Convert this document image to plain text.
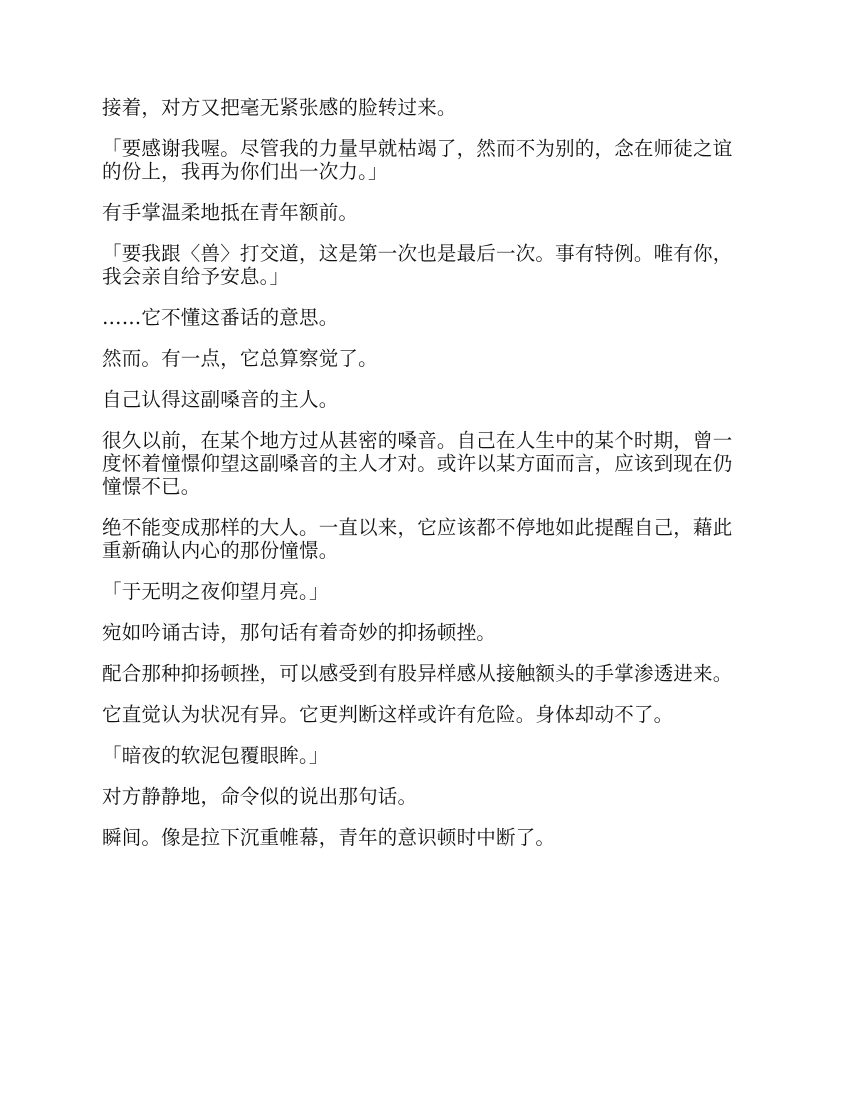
接着，对方又把毫无紧张感的脸转过来。

「要感谢我喔。尽管我的力量早就枯竭了，然而不为别的，念在师徒之谊的份上，我再为你们出一次力。」

有手掌温柔地抵在青年额前。

「要我跟〈兽〉打交道，这是第一次也是最后一次。事有特例。唯有你，我会亲自给予安息。」

……它不懂这番话的意思。

然而。有一点，它总算察觉了。

自己认得这副嗓音的主人。

很久以前，在某个地方过从甚密的嗓音。自己在人生中的某个时期，曾一度怀着憧憬仰望这副嗓音的主人才对。或许以某方面而言，应该到现在仍憧憬不已。

绝不能变成那样的大人。一直以来，它应该都不停地如此提醒自己，藉此重新确认内心的那份憧憬。

「于无明之夜仰望月亮。」

宛如吟诵古诗，那句话有着奇妙的抑扬顿挫。

配合那种抑扬顿挫，可以感受到有股异样感从接触额头的手掌渗透进来。

它直觉认为状况有异。它更判断这样或许有危险。身体却动不了。

「暗夜的软泥包覆眼眸。」

对方静静地，命令似的说出那句话。

瞬间。像是拉下沉重帷幕，青年的意识顿时中断了。
